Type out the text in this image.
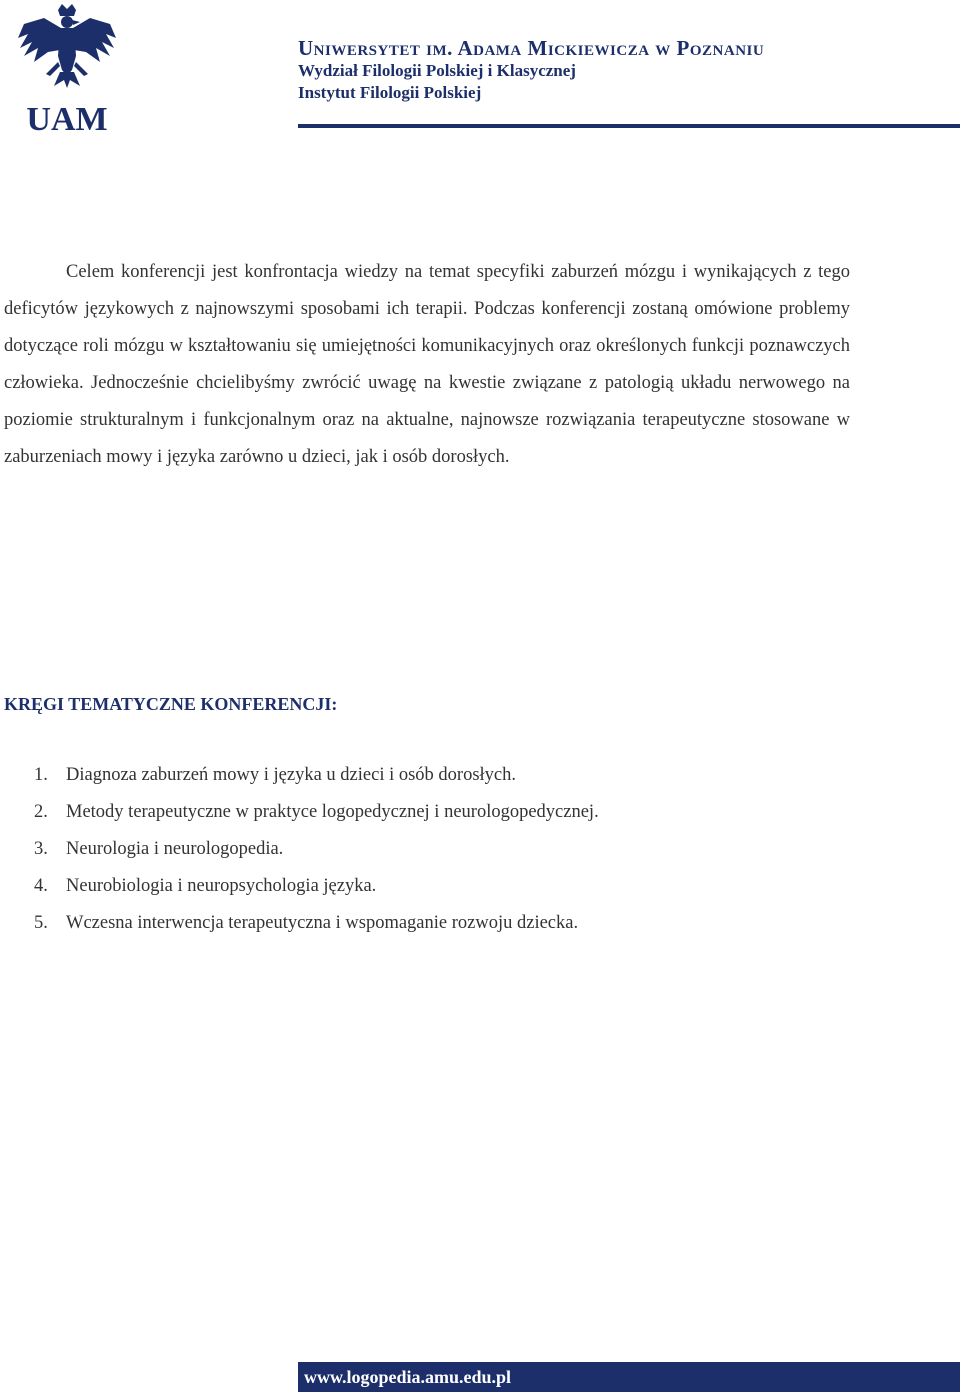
UAM
Uniwersytet im. Adama Mickiewicza w Poznaniu
Wydział Filologii Polskiej i Klasycznej
Instytut Filologii Polskiej
Celem konferencji jest konfrontacja wiedzy na temat specyfiki zaburzeń mózgu i wynikających z tego deficytów językowych z najnowszymi sposobami ich terapii. Podczas konferencji zostaną omówione problemy dotyczące roli mózgu w kształtowaniu się umiejętności komunikacyjnych oraz określonych funkcji poznawczych człowieka. Jednocześnie chcielibyśmy zwrócić uwagę na kwestie związane z patologią układu nerwowego na poziomie strukturalnym i funkcjonalnym oraz na aktualne, najnowsze rozwiązania terapeutyczne stosowane w zaburzeniach mowy i języka zarówno u dzieci, jak i osób dorosłych.
KRĘGI TEMATYCZNE KONFERENCJI:
1. Diagnoza zaburzeń mowy i języka u dzieci i osób dorosłych.
2. Metody terapeutyczne w praktyce logopedycznej i neurologopedycznej.
3. Neurologia i neurologopedia.
4. Neurobiologia i neuropsychologia języka.
5. Wczesna interwencja terapeutyczna i wspomaganie rozwoju dziecka.
www.logopedia.amu.edu.pl
